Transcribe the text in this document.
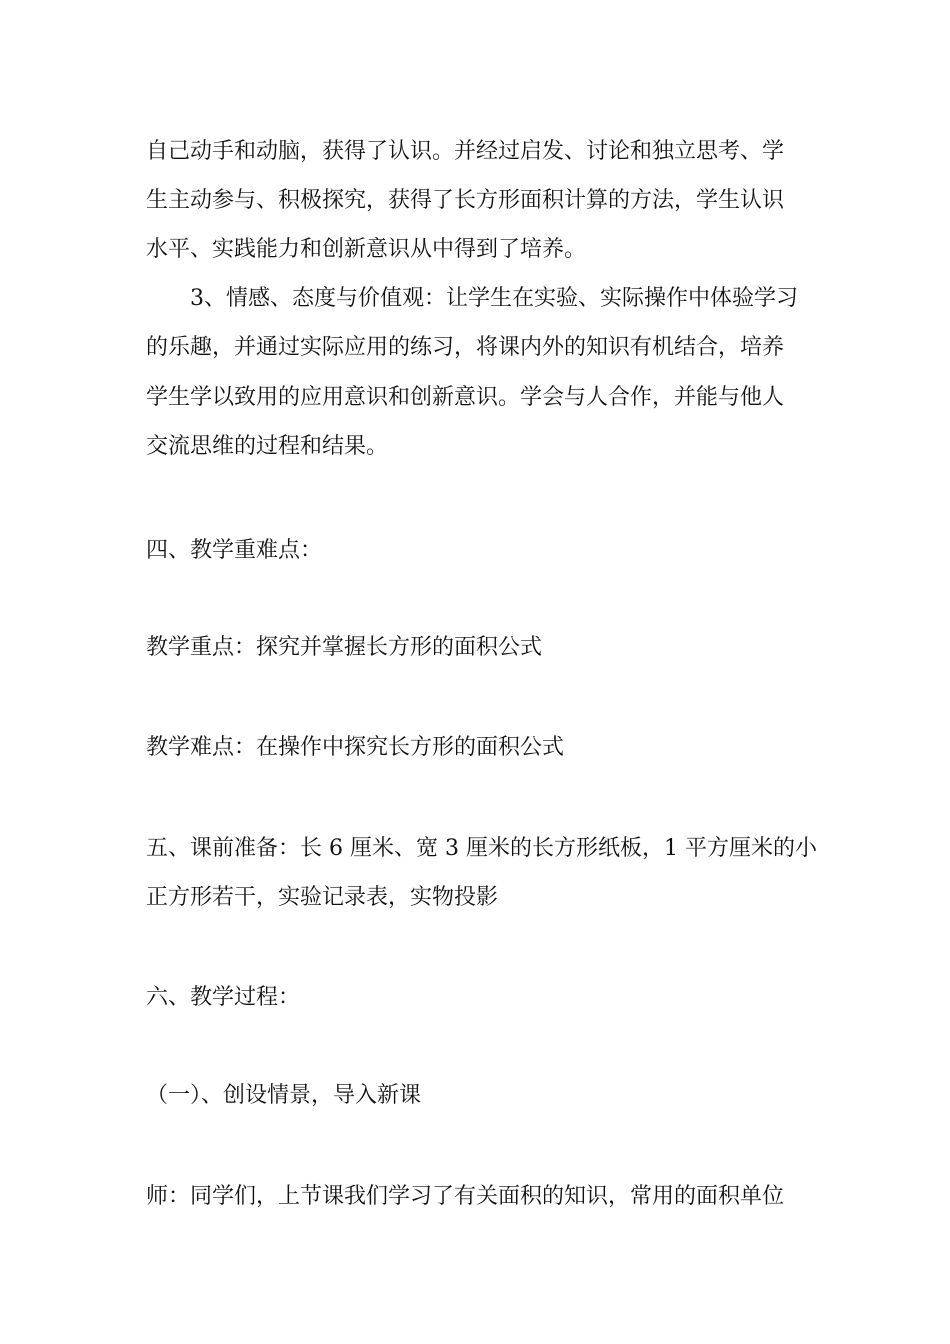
自己动手和动脑，获得了认识。并经过启发、讨论和独立思考、学
生主动参与、积极探究，获得了长方形面积计算的方法，学生认识
水平、实践能力和创新意识从中得到了培养。
3、情感、态度与价值观：让学生在实验、实际操作中体验学习
的乐趣，并通过实际应用的练习，将课内外的知识有机结合，培养
学生学以致用的应用意识和创新意识。学会与人合作，并能与他人
交流思维的过程和结果。
四、教学重难点：
教学重点：探究并掌握长方形的面积公式
教学难点：在操作中探究长方形的面积公式
五、课前准备：长 6 厘米、宽 3 厘米的长方形纸板，1 平方厘米的小
正方形若干，实验记录表，实物投影
六、教学过程：
（一）、创设情景，导入新课
师：同学们，上节课我们学习了有关面积的知识，常用的面积单位
